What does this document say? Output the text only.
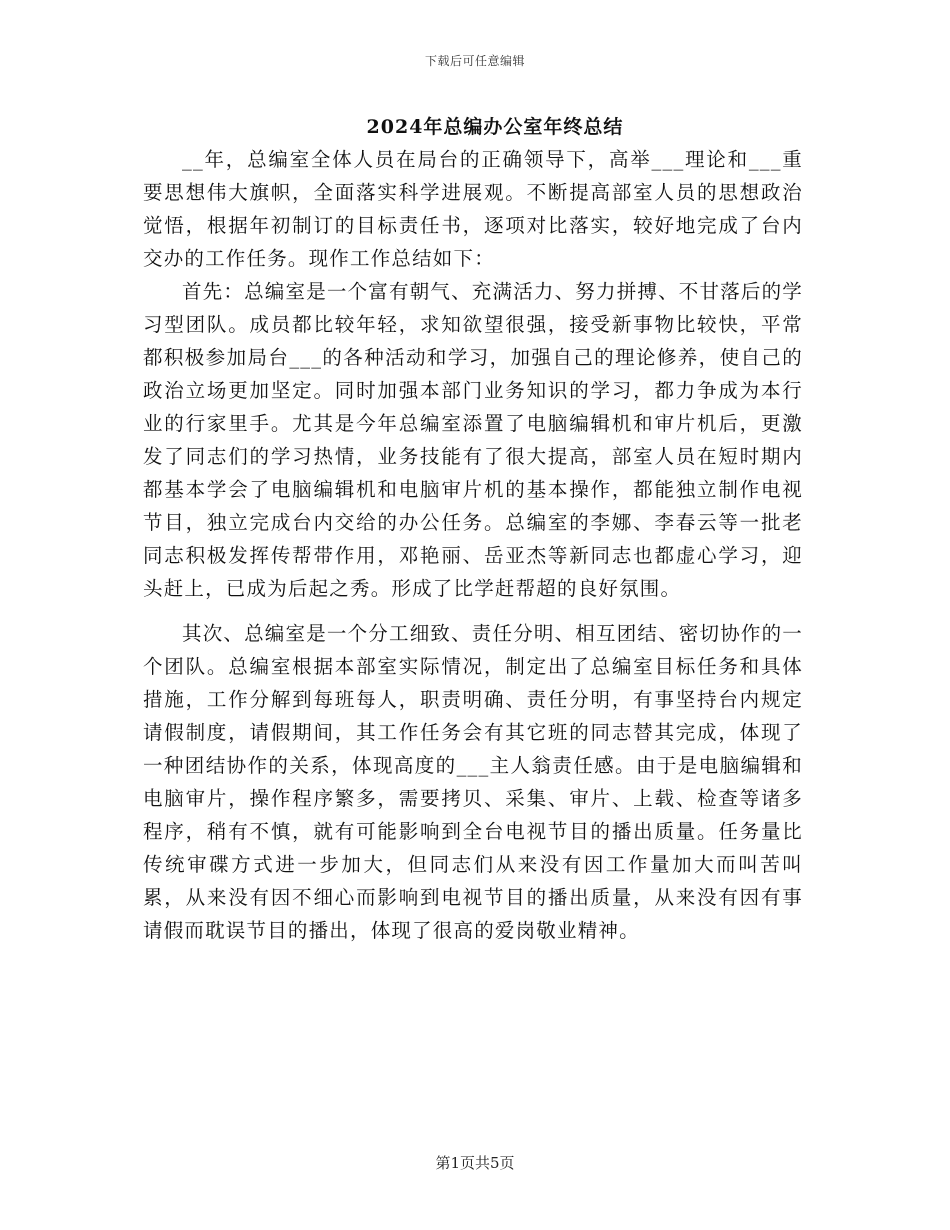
下载后可任意编辑
2024年总编办公室年终总结

__年，总编室全体人员在局台的正确领导下，高举___理论和___重要思想伟大旗帜，全面落实科学进展观。不断提高部室人员的思想政治觉悟，根据年初制订的目标责任书，逐项对比落实，较好地完成了台内交办的工作任务。现作工作总结如下：

首先：总编室是一个富有朝气、充满活力、努力拼搏、不甘落后的学习型团队。成员都比较年轻，求知欲望很强，接受新事物比较快，平常都积极参加局台___的各种活动和学习，加强自己的理论修养，使自己的政治立场更加坚定。同时加强本部门业务知识的学习，都力争成为本行业的行家里手。尤其是今年总编室添置了电脑编辑机和审片机后，更激发了同志们的学习热情，业务技能有了很大提高，部室人员在短时期内都基本学会了电脑编辑机和电脑审片机的基本操作，都能独立制作电视节目，独立完成台内交给的办公任务。总编室的李娜、李春云等一批老同志积极发挥传帮带作用，邓艳丽、岳亚杰等新同志也都虚心学习，迎头赶上，已成为后起之秀。形成了比学赶帮超的良好氛围。

其次、总编室是一个分工细致、责任分明、相互团结、密切协作的一个团队。总编室根据本部室实际情况，制定出了总编室目标任务和具体措施，工作分解到每班每人，职责明确、责任分明，有事坚持台内规定请假制度，请假期间，其工作任务会有其它班的同志替其完成，体现了一种团结协作的关系，体现高度的___主人翁责任感。由于是电脑编辑和电脑审片，操作程序繁多，需要拷贝、采集、审片、上载、检查等诸多程序，稍有不慎，就有可能影响到全台电视节目的播出质量。任务量比传统审碟方式进一步加大，但同志们从来没有因工作量加大而叫苦叫累，从来没有因不细心而影响到电视节目的播出质量，从来没有因有事请假而耽误节目的播出，体现了很高的爱岗敬业精神。

第1页共5页
